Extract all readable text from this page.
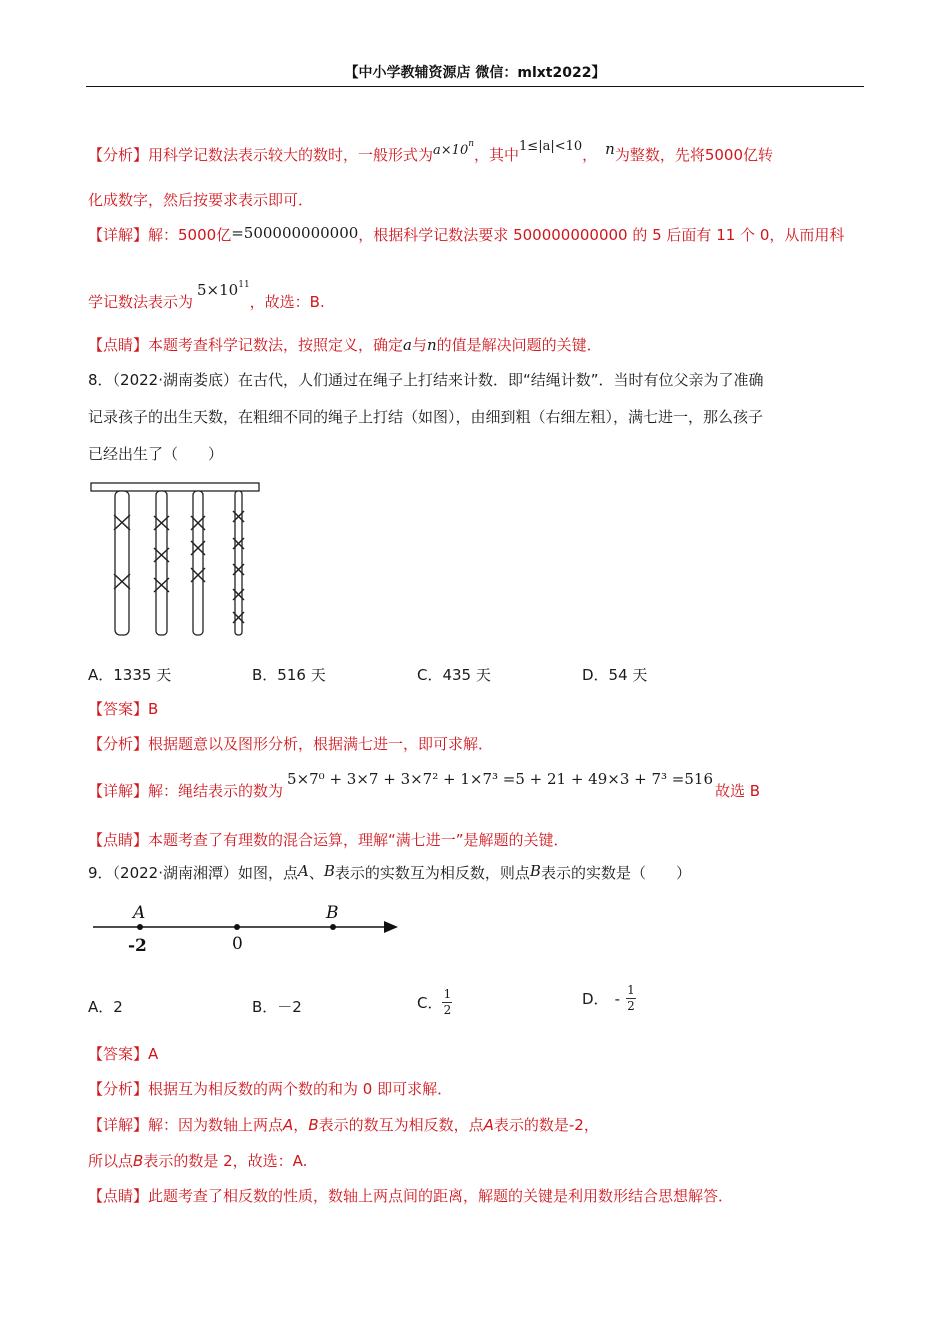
【中小学教辅资源店 微信：mlxt2022】
【分析】用科学记数法表示较大的数时，一般形式为$a\times 10^n$，其中1≤|a|<10， n为整数，先将5000亿转
化成数字，然后按要求表示即可．
【详解】解：5000亿=500000000000，根据科学记数法要求 500000000000 的 5 后面有 11 个 0，从而用科
学记数法表示为$5\times 10^{11}$，故选：B.
【点睛】本题考查科学记数法，按照定义，确定a与n的值是解决问题的关键．
8．（2022·湖南娄底）在古代，人们通过在绳子上打结来计数．即“结绳计数”．当时有位父亲为了准确
记录孩子的出生天数，在粗细不同的绳子上打结（如图），由细到粗（右细左粗），满七进一，那么孩子
已经出生了（　　）
A．1335 天	B．516 天	C．435 天	D．54 天
【答案】B
【分析】根据题意以及图形分析，根据满七进一，即可求解．
【详解】解：绳结表示的数为5×7⁰ + 3×7 + 3×7² + 1×7³ =5 + 21 + 49×3 + 7³ =516故选 B
【点睛】本题考查了有理数的混合运算，理解“满七进一”是解题的关键．
9．（2022·湖南湘潭）如图，点A、B表示的实数互为相反数，则点B表示的实数是（　　）
A	B
-2	0
A．2	B．－2	C． $\frac{1}{2}$	D． - $\frac{1}{2}$
【答案】A
【分析】根据互为相反数的两个数的和为 0 即可求解．
【详解】解：因为数轴上两点A，B表示的数互为相反数，点A表示的数是-2，
所以点B表示的数是 2，故选：A.
【点睛】此题考查了相反数的性质，数轴上两点间的距离，解题的关键是利用数形结合思想解答．
